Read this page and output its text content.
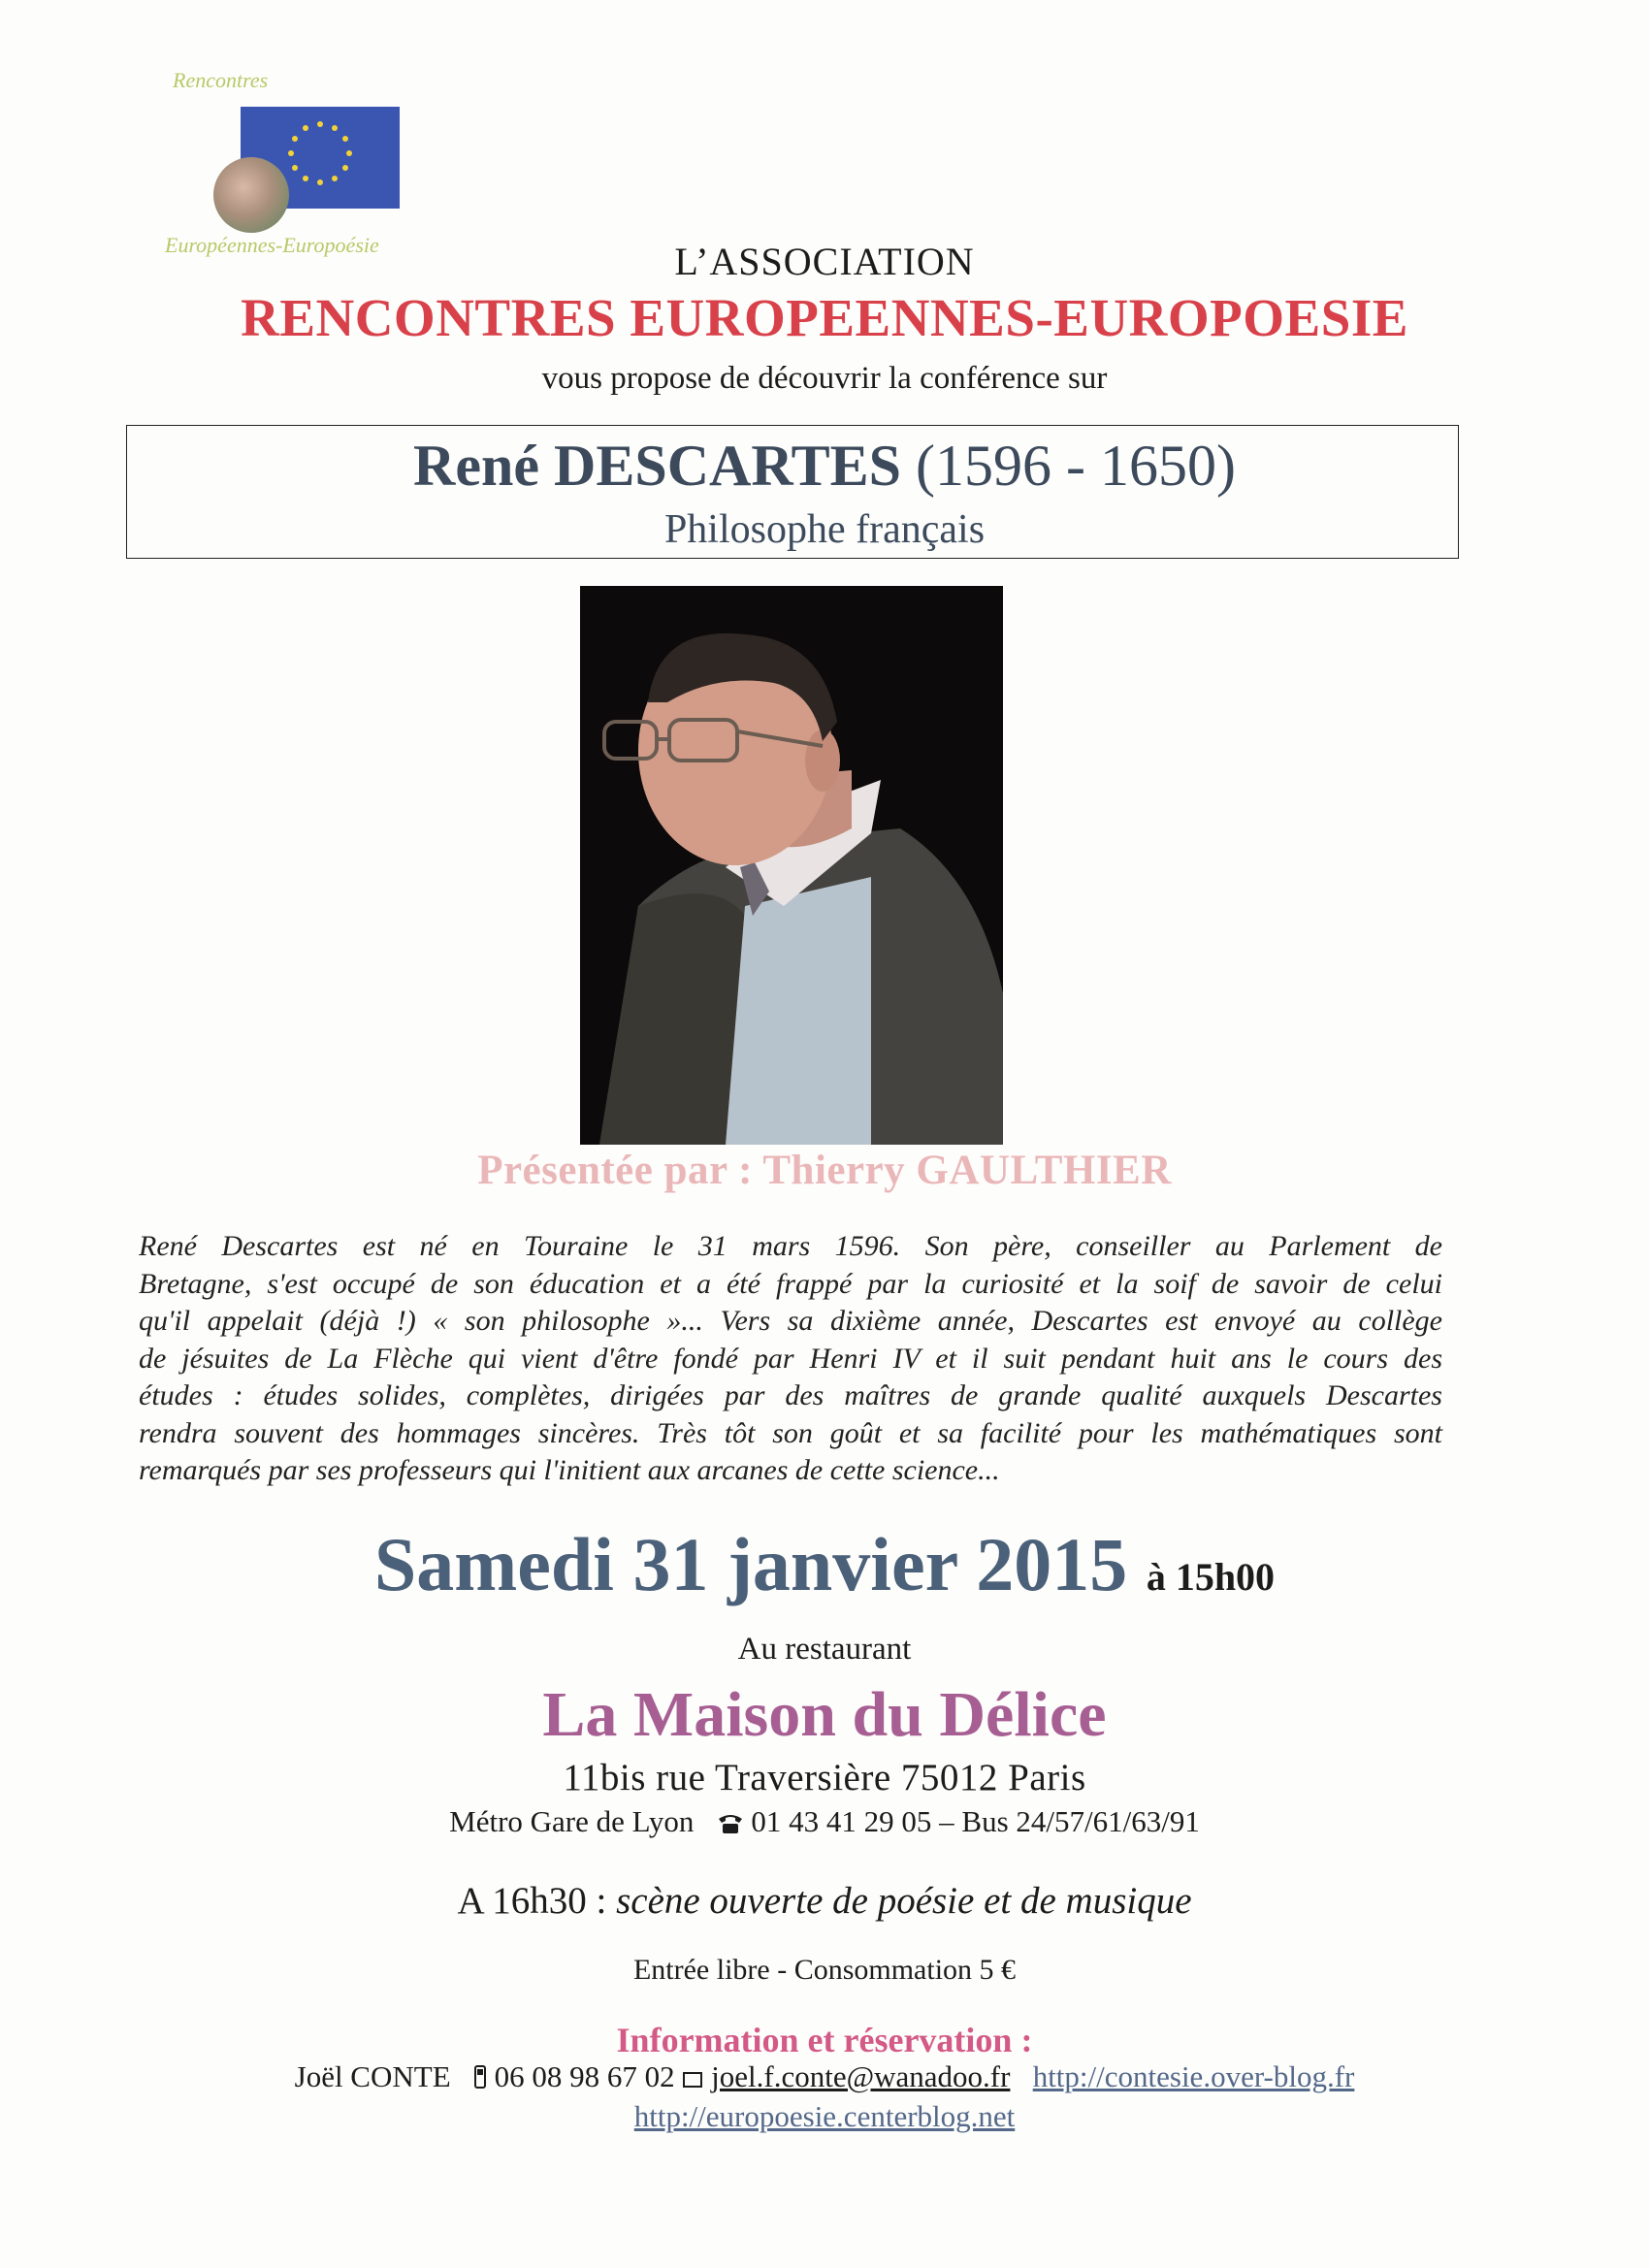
Rencontres
Européennes-Europoésie	L’ASSOCIATION
RENCONTRES EUROPEENNES-EUROPOESIE
vous propose de découvrir la conférence sur
René DESCARTES (1596 - 1650)
Philosophe français
Présentée par : Thierry GAULTHIER
René Descartes est né en Touraine le 31 mars 1596. Son père, conseiller au Parlement de
Bretagne, s'est occupé de son éducation et a été frappé par la curiosité et la soif de savoir de celui
qu'il appelait (déjà !) « son philosophe »... Vers sa dixième année, Descartes est envoyé au collège
de jésuites de La Flèche qui vient d'être fondé par Henri IV et il suit pendant huit ans le cours des
études : études solides, complètes, dirigées par des maîtres de grande qualité auxquels Descartes
rendra souvent des hommages sincères. Très tôt son goût et sa facilité pour les mathématiques sont
remarqués par ses professeurs qui l'initient aux arcanes de cette science...
Samedi 31 janvier 2015 à 15h00
Au restaurant
La Maison du Délice
11bis rue Traversière 75012 Paris
Métro Gare de Lyon 01 43 41 29 05 – Bus 24/57/61/63/91
A 16h30 : scène ouverte de poésie et de musique
Entrée libre - Consommation 5 €
Information et réservation :
Joël CONTE 06 08 98 67 02 joel.f.conte@wanadoo.fr http://contesie.over-blog.fr
http://europoesie.centerblog.net
